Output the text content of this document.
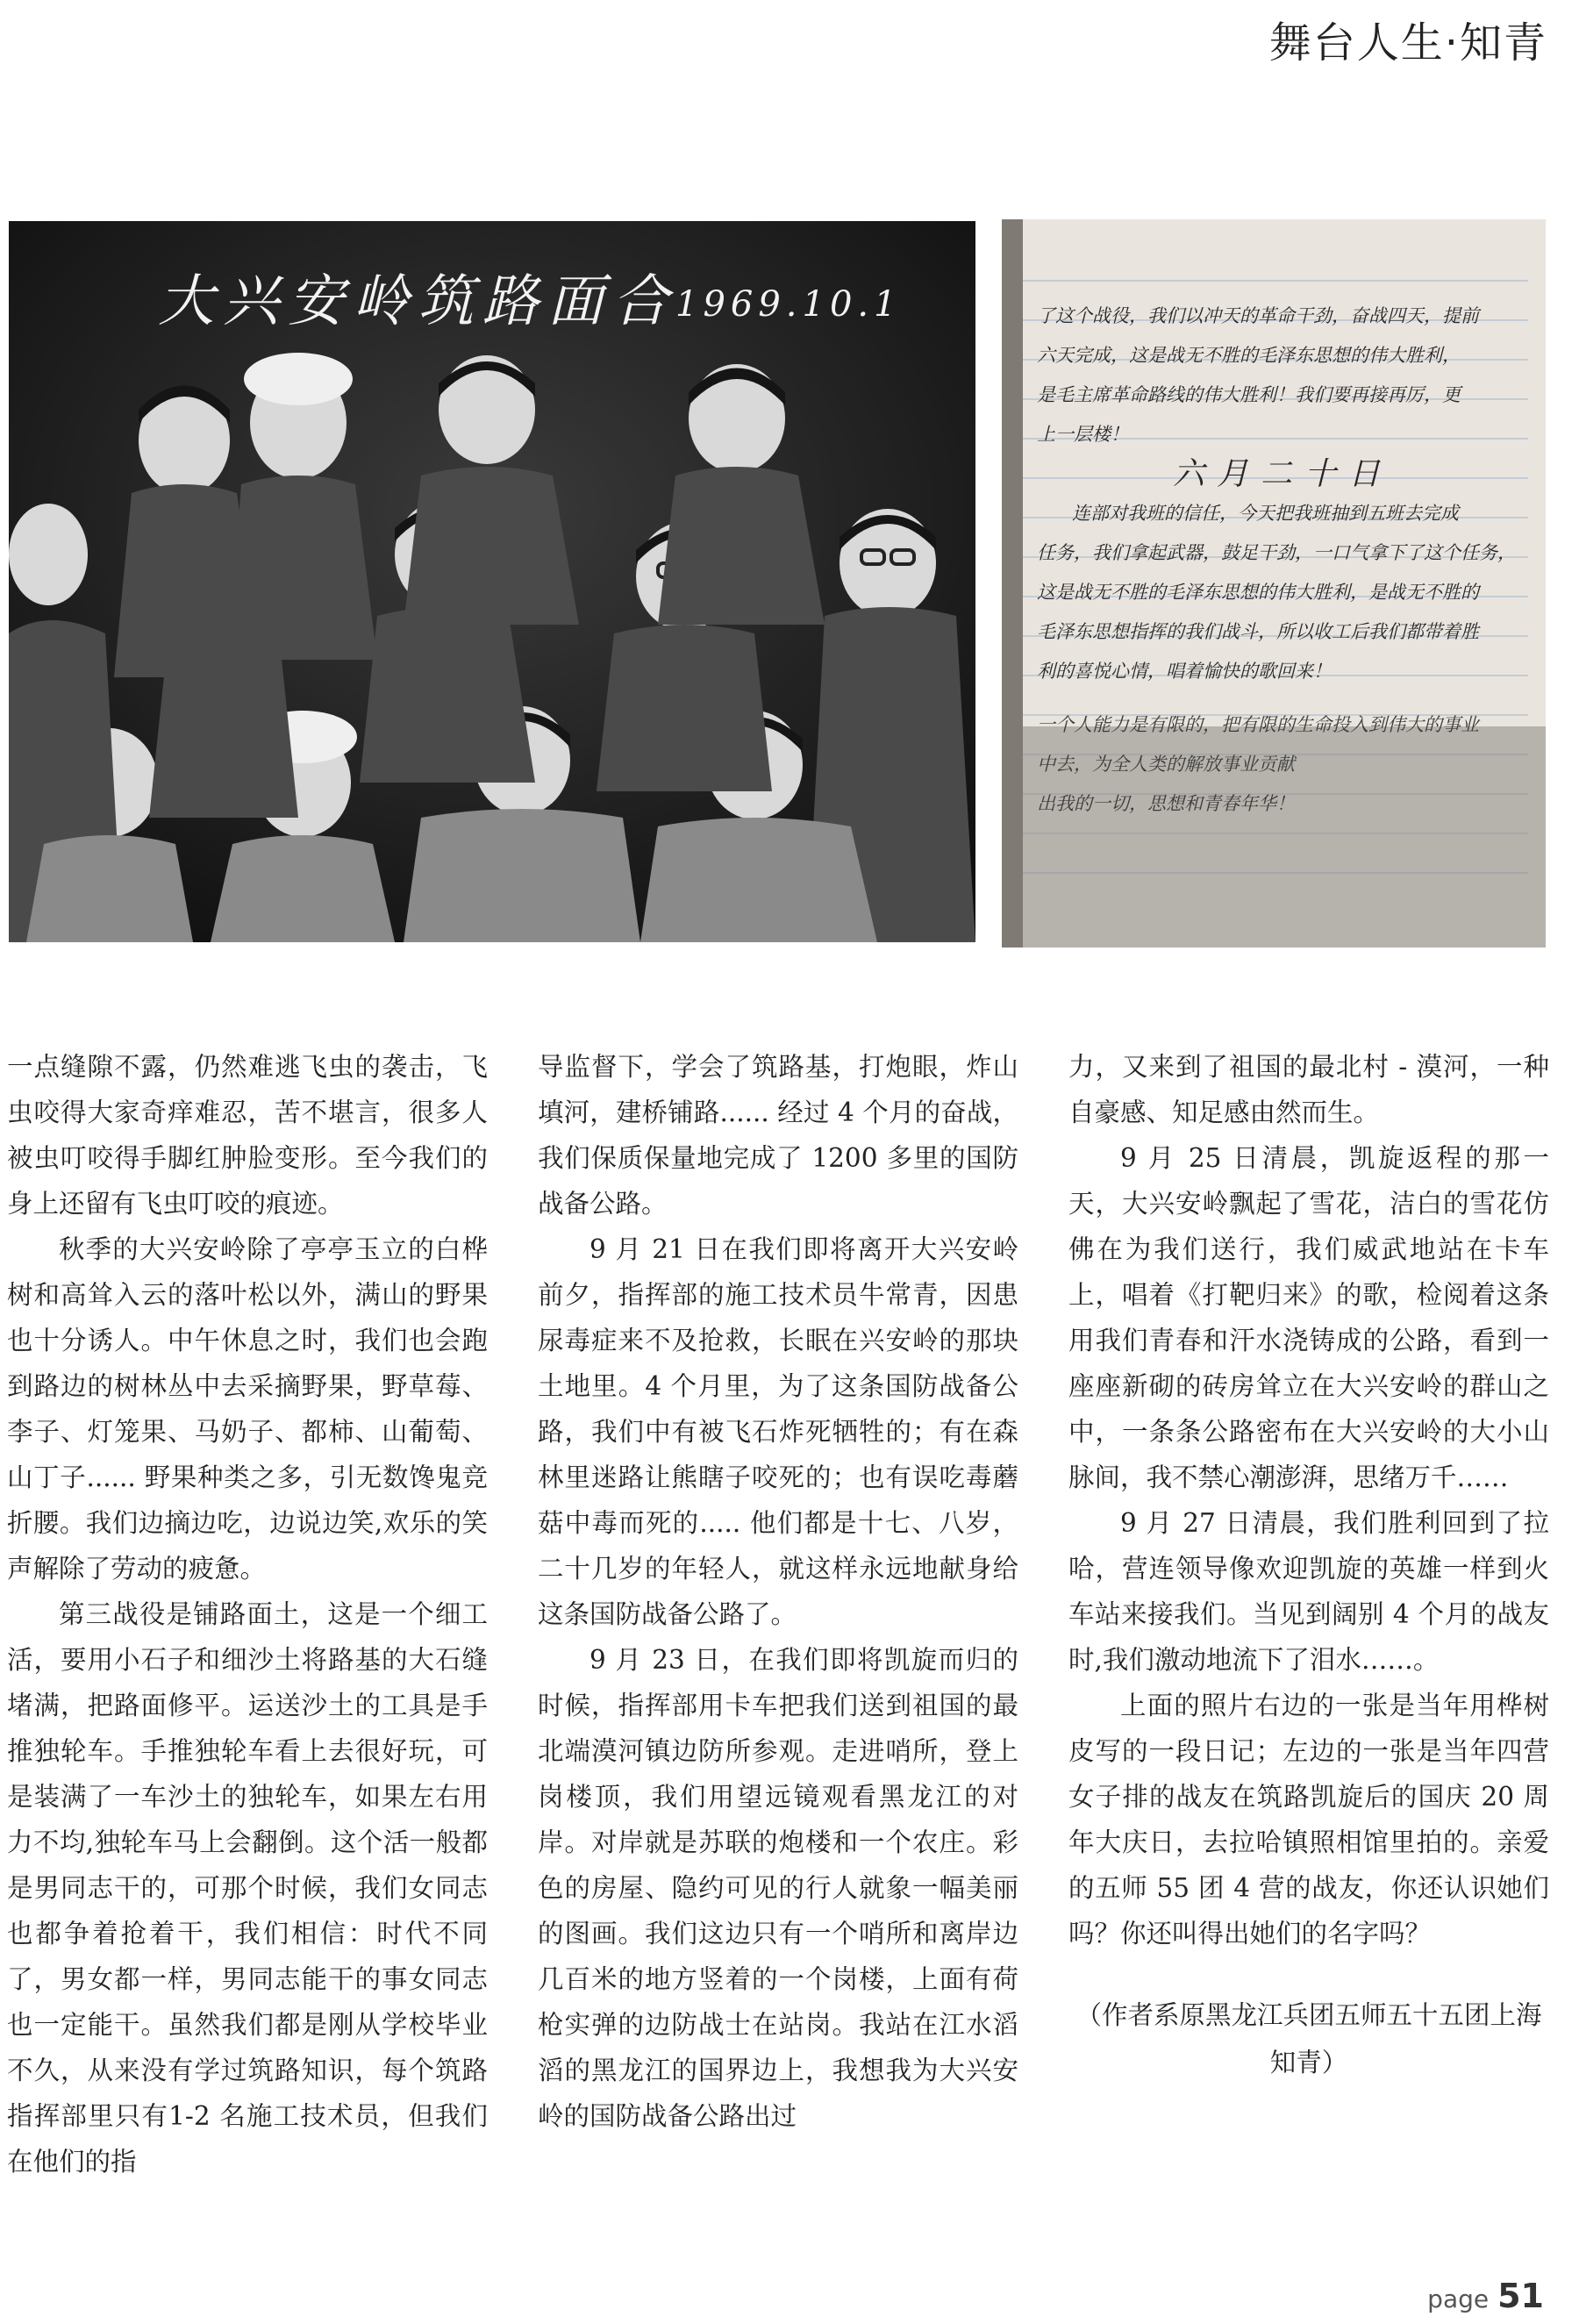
舞台人生·知青
大兴安岭筑路面合
1969.10.1	了这个战役，我们以冲天的革命干劲，奋战四天，提前
六天完成，这是战无不胜的毛泽东思想的伟大胜利，
是毛主席革命路线的伟大胜利！我们要再接再厉，更
上一层楼！
六月二十日
连部对我班的信任，今天把我班抽到五班去完成
任务，我们拿起武器，鼓足干劲，一口气拿下了这个任务，
这是战无不胜的毛泽东思想的伟大胜利，是战无不胜的
毛泽东思想指挥的我们战斗，所以收工后我们都带着胜
利的喜悦心情，唱着愉快的歌回来！
一个人能力是有限的，把有限的生命投入到伟大的事业
中去，为全人类的解放事业贡献
出我的一切，思想和青春年华！

一点缝隙不露，仍然难逃飞虫的袭击，飞虫咬得大家奇痒难忍，苦不堪言，很多人被虫叮咬得手脚红肿脸变形。至今我们的身上还留有飞虫叮咬的痕迹。

秋季的大兴安岭除了亭亭玉立的白桦树和高耸入云的落叶松以外，满山的野果也十分诱人。中午休息之时，我们也会跑到路边的树林丛中去采摘野果，野草莓、李子、灯笼果、马奶子、都柿、山葡萄、山丁子...... 野果种类之多，引无数馋鬼竞折腰。我们边摘边吃，边说边笑,欢乐的笑声解除了劳动的疲惫。

第三战役是铺路面土，这是一个细工活，要用小石子和细沙土将路基的大石缝堵满，把路面修平。运送沙土的工具是手推独轮车。手推独轮车看上去很好玩，可是装满了一车沙土的独轮车，如果左右用力不均,独轮车马上会翻倒。这个活一般都是男同志干的，可那个时候，我们女同志也都争着抢着干，我们相信：时代不同了，男女都一样，男同志能干的事女同志也一定能干。虽然我们都是刚从学校毕业不久，从来没有学过筑路知识，每个筑路指挥部里只有1-2 名施工技术员，但我们在他们的指

导监督下，学会了筑路基，打炮眼，炸山填河，建桥铺路...... 经过 4 个月的奋战，我们保质保量地完成了 1200 多里的国防战备公路。

9 月 21 日在我们即将离开大兴安岭前夕，指挥部的施工技术员牛常青，因患尿毒症来不及抢救，长眠在兴安岭的那块土地里。4 个月里，为了这条国防战备公路，我们中有被飞石炸死牺牲的；有在森林里迷路让熊瞎子咬死的；也有误吃毒蘑菇中毒而死的..... 他们都是十七、八岁，二十几岁的年轻人，就这样永远地献身给这条国防战备公路了。

9 月 23 日，在我们即将凯旋而归的时候，指挥部用卡车把我们送到祖国的最北端漠河镇边防所参观。走进哨所，登上岗楼顶，我们用望远镜观看黑龙江的对岸。对岸就是苏联的炮楼和一个农庄。彩色的房屋、隐约可见的行人就象一幅美丽的图画。我们这边只有一个哨所和离岸边几百米的地方竖着的一个岗楼，上面有荷枪实弹的边防战士在站岗。我站在江水滔滔的黑龙江的国界边上，我想我为大兴安岭的国防战备公路出过

力，又来到了祖国的最北村 - 漠河，一种自豪感、知足感由然而生。

9 月 25 日清晨，凯旋返程的那一天，大兴安岭飘起了雪花，洁白的雪花仿佛在为我们送行，我们威武地站在卡车上，唱着《打靶归来》的歌，检阅着这条用我们青春和汗水浇铸成的公路，看到一座座新砌的砖房耸立在大兴安岭的群山之中，一条条公路密布在大兴安岭的大小山脉间，我不禁心潮澎湃，思绪万千……

9 月 27 日清晨，我们胜利回到了拉哈，营连领导像欢迎凯旋的英雄一样到火车站来接我们。当见到阔别 4 个月的战友时,我们激动地流下了泪水……。

上面的照片右边的一张是当年用桦树皮写的一段日记；左边的一张是当年四营女子排的战友在筑路凯旋后的国庆 20 周年大庆日，去拉哈镇照相馆里拍的。亲爱的五师 55 团 4 营的战友，你还认识她们吗？你还叫得出她们的名字吗？

（作者系原黑龙江兵团五师五十五团上海知青）

page 51
